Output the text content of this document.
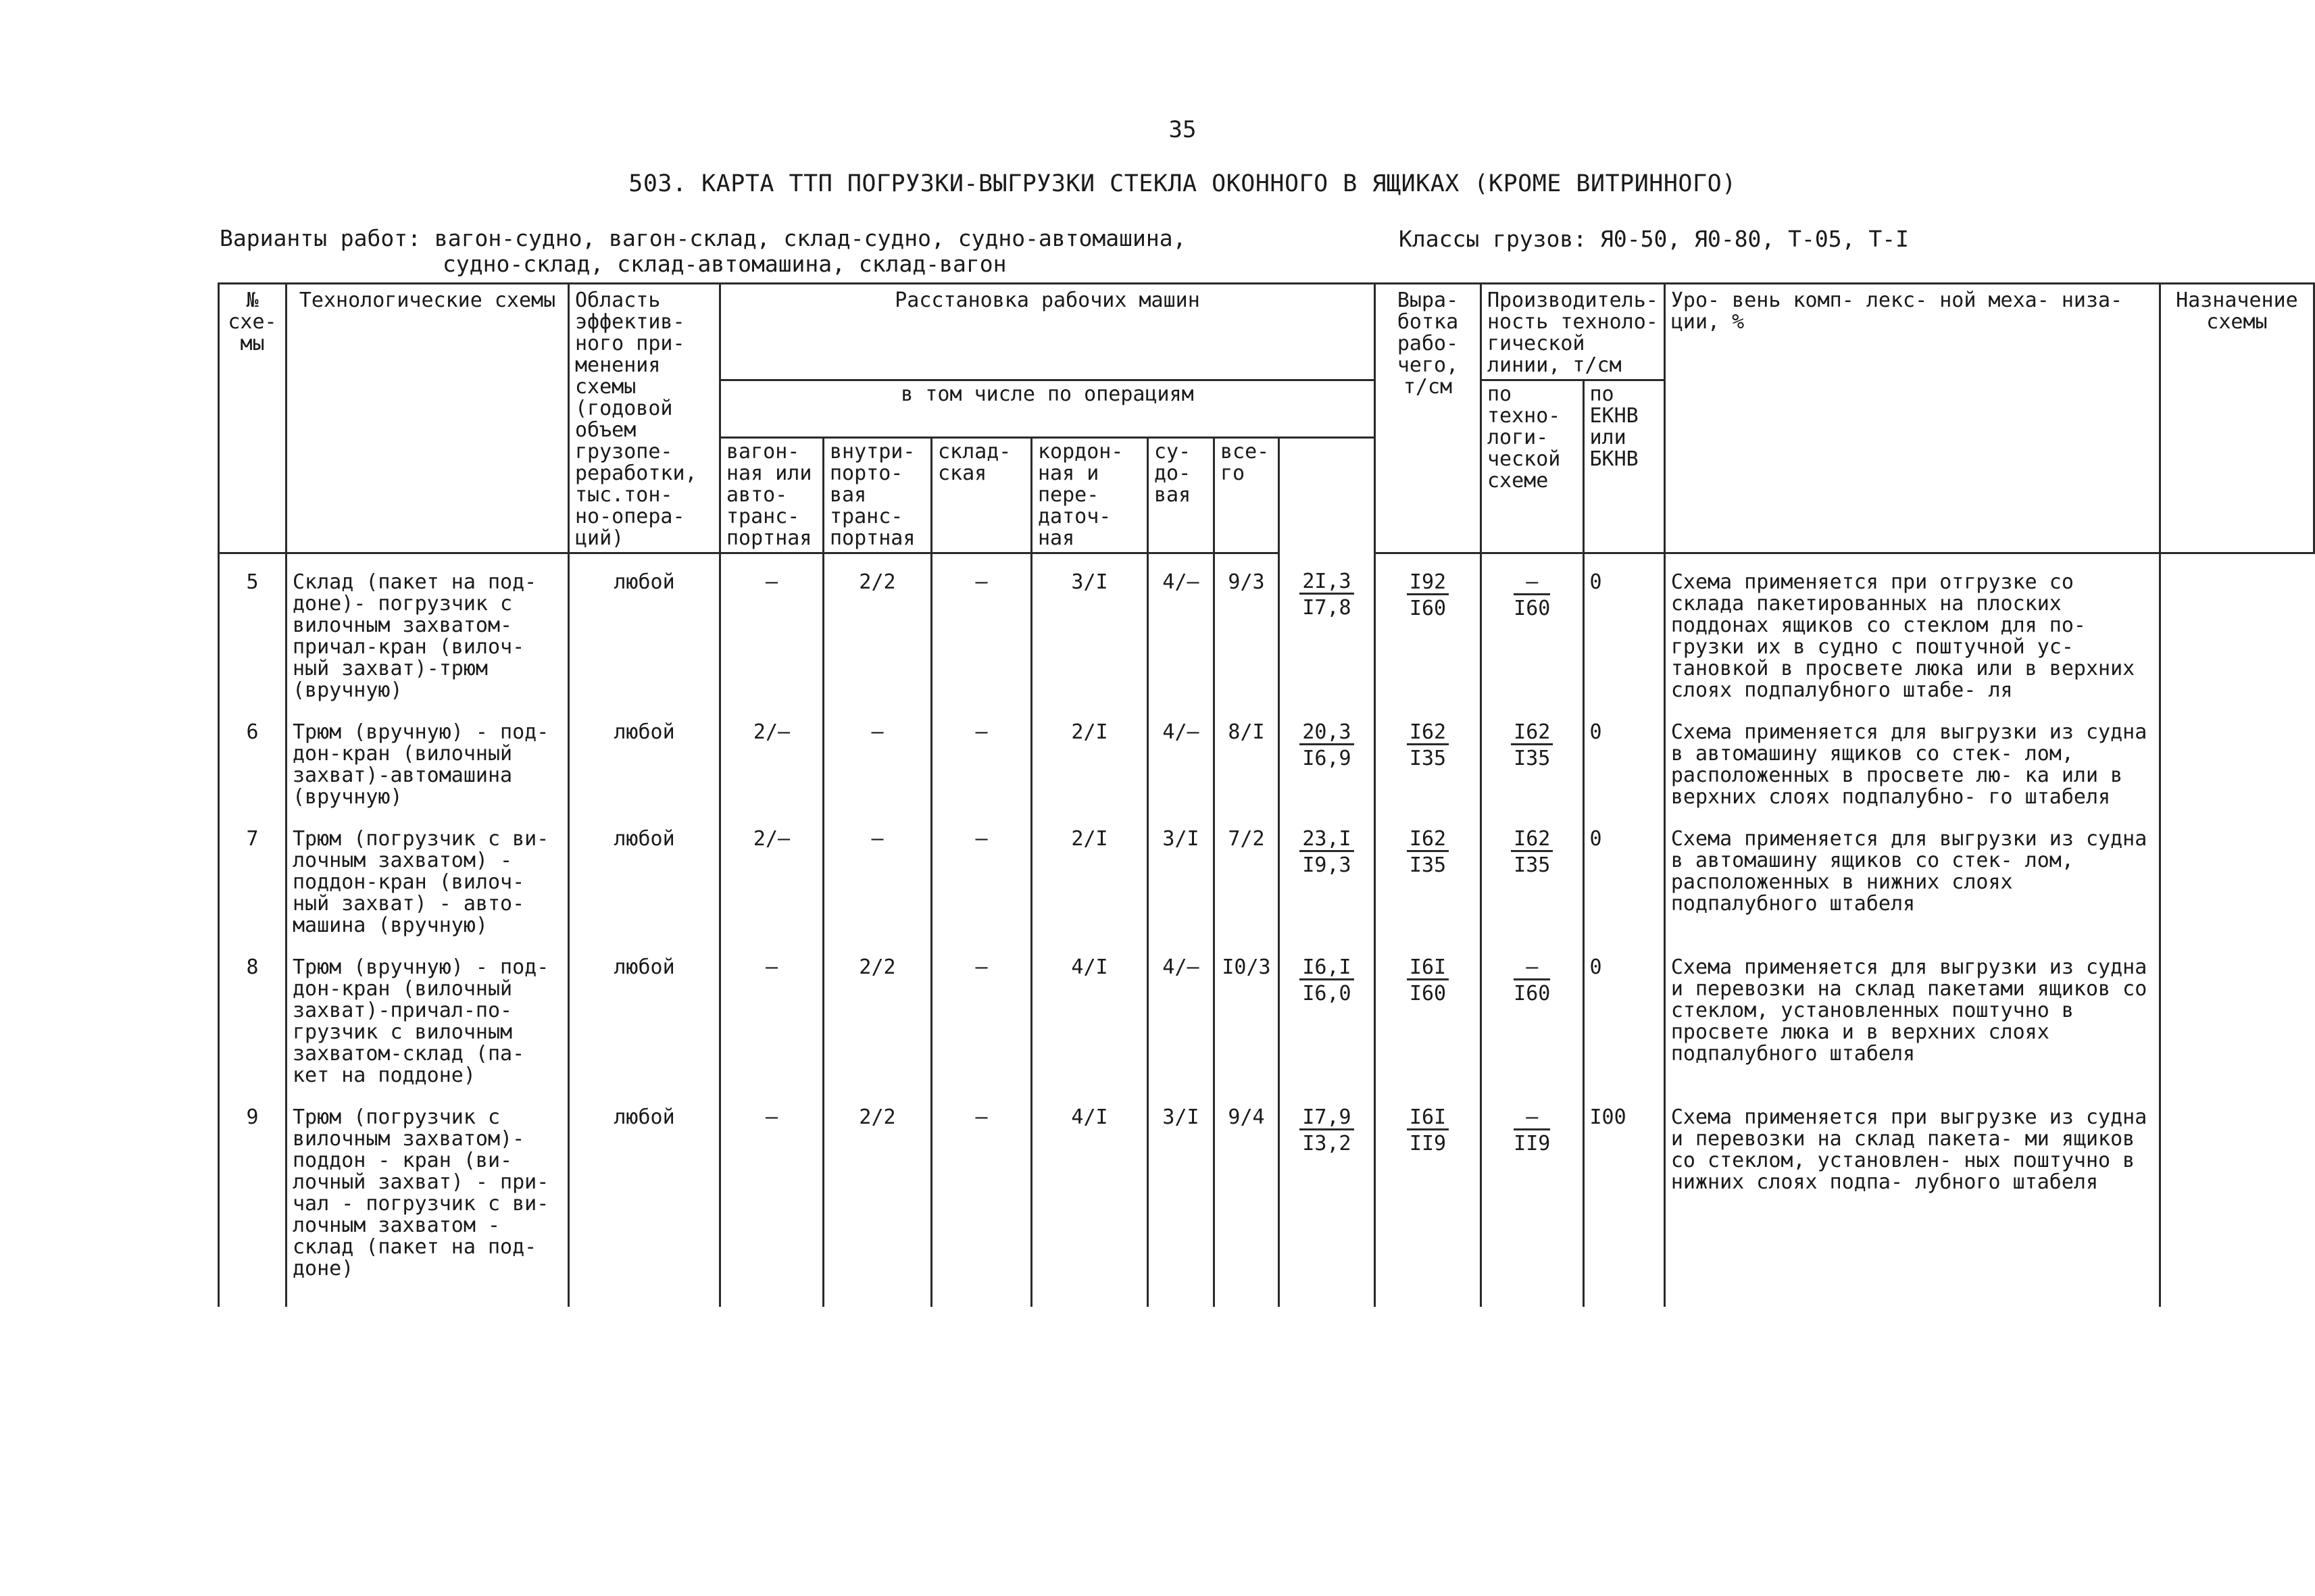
35
503. КАРТА ТТП ПОГРУЗКИ-ВЫГРУЗКИ СТЕКЛА ОКОННОГО В ЯЩИКАХ (КРОМЕ ВИТРИННОГО)
Варианты работ: вагон-судно, вагон-склад, склад-судно, судно-автомашина,
судно-склад, склад-автомашина, склад-вагон
Классы грузов: Я0-50, Я0-80, Т-05, Т-I
№ схе- мы	Технологические схемы	Область эффектив- ного при- менения схемы (годовой объем грузопе- реработки, тыс.тон- но-опера- ций)	Расстановка рабочих машин							Выра- ботка рабо- чего, т/см	Производитель- ность техноло- гической линии, т/см		Уро- вень комп- лекс- ной меха- низа- ции, %	Назначение схемы
			в том числе по операциям								по техно- логи- ческой схеме	по ЕКНВ или БКНВ		
			вагон- ная или авто- транс- портная	внутри- порто- вая транс- портная	склад- ская	кордон- ная и пере- даточ- ная	су- до- вая	все- го						
5	Склад (пакет на под- доне)- погрузчик с вилочным захватом- причал-кран (вилоч- ный захват)-трюм (вручную)	любой	–	2/2	–	3/I	4/–	9/3	$\frac{2I,3}{I7,8}$	$\frac{I92}{I60}$	$\frac{-}{I60}$	0	Схема применяется при отгрузке со склада пакетированных на плоских поддонах ящиков со стеклом для по- грузки их в судно с поштучной ус- тановкой в просвете люка или в верхних слоях подпалубного штабе- ля	
6	Трюм (вручную) - под- дон-кран (вилочный захват)-автомашина (вручную)	любой	2/–	–	–	2/I	4/–	8/I	$\frac{20,3}{I6,9}$	$\frac{I62}{I35}$	$\frac{I62}{I35}$	0	Схема применяется для выгрузки из судна в автомашину ящиков со стек- лом, расположенных в просвете лю- ка или в верхних слоях подпалубно- го штабеля	
7	Трюм (погрузчик с ви- лочным захватом) - поддон-кран (вилоч- ный захват) - авто- машина (вручную)	любой	2/–	–	–	2/I	3/I	7/2	$\frac{23,I}{I9,3}$	$\frac{I62}{I35}$	$\frac{I62}{I35}$	0	Схема применяется для выгрузки из судна в автомашину ящиков со стек- лом, расположенных в нижних слоях подпалубного штабеля	
8	Трюм (вручную) - под- дон-кран (вилочный захват)-причал-по- грузчик с вилочным захватом-склад (па- кет на поддоне)	любой	–	2/2	–	4/I	4/–	I0/3	$\frac{I6,I}{I6,0}$	$\frac{I6I}{I60}$	$\frac{-}{I60}$	0	Схема применяется для выгрузки из судна и перевозки на склад пакетами ящиков со стеклом, установленных поштучно в просвете люка и в верхних слоях подпалубного штабеля	
9	Трюм (погрузчик с вилочным захватом)- поддон - кран (ви- лочный захват) - при- чал - погрузчик с ви- лочным захватом - склад (пакет на под- доне)	любой	–	2/2	–	4/I	3/I	9/4	$\frac{I7,9}{I3,2}$	$\frac{I6I}{II9}$	$\frac{-}{II9}$	I00	Схема применяется при выгрузке из судна и перевозки на склад пакета- ми ящиков со стеклом, установлен- ных поштучно в нижних слоях подпа- лубного штабеля	
